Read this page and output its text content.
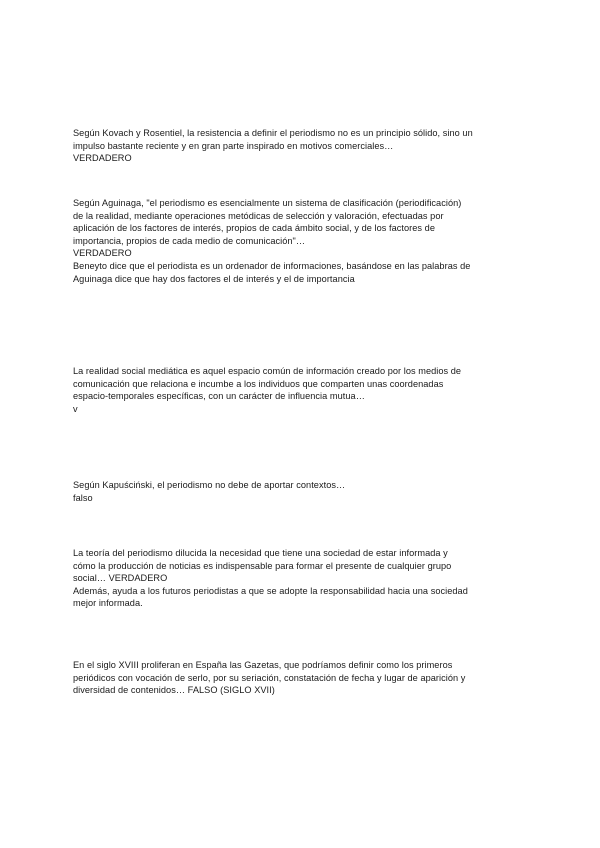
Según Kovach y Rosentiel, la resistencia a definir el periodismo no es un principio sólido, sino un
impulso bastante reciente y en gran parte inspirado en motivos comerciales…
VERDADERO
Según Aguinaga, "el periodismo es esencialmente un sistema de clasificación (periodificación)
de la realidad, mediante operaciones metódicas de selección y valoración, efectuadas por
aplicación de los factores de interés, propios de cada ámbito social, y de los factores de
importancia, propios de cada medio de comunicación"…
VERDADERO
Beneyto dice que el periodista es un ordenador de informaciones, basándose en las palabras de
Aguinaga dice que hay dos factores el de interés y el de importancia
La realidad social mediática es aquel espacio común de información creado por los medios de
comunicación que relaciona e incumbe a los individuos que comparten unas coordenadas
espacio-temporales específicas, con un carácter de influencia mutua…
v
Según Kapuściński, el periodismo no debe de aportar contextos…
falso
La teoría del periodismo dilucida la necesidad que tiene una sociedad de estar informada y
cómo la producción de noticias es indispensable para formar el presente de cualquier grupo
social… VERDADERO
Además, ayuda a los futuros periodistas a que se adopte la responsabilidad hacia una sociedad
mejor informada.
En el siglo XVIII proliferan en España las Gazetas, que podríamos definir como los primeros
periódicos con vocación de serlo, por su seriación, constatación de fecha y lugar de aparición y
diversidad de contenidos… FALSO (SIGLO XVII)
